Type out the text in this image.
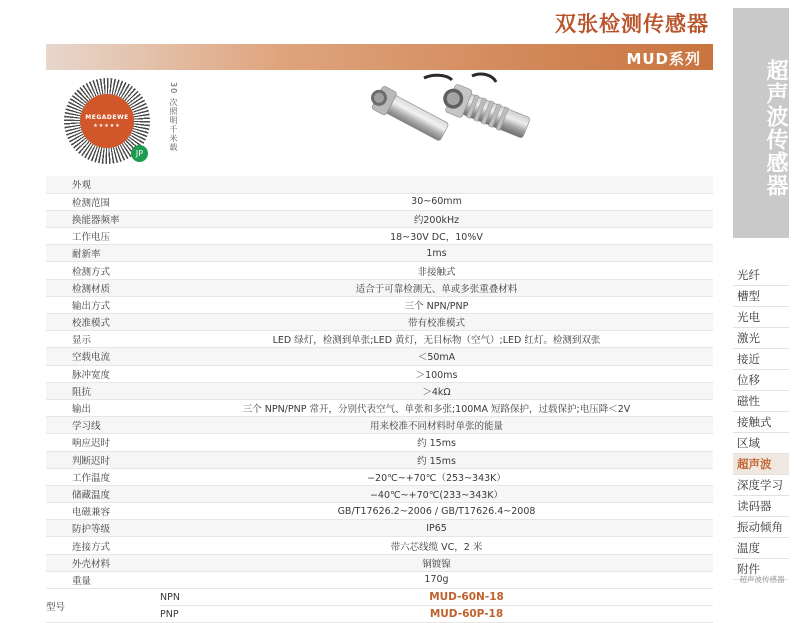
双张检测传感器
MUD系列
MEGADEWE
★★★★★
JP
30 次照明千米载
外观		
检测范围	30~60mm	
换能器频率	约200kHz	
工作电压	18~30V DC，10%V	
耐新率	1ms	
检测方式	非接触式	
检测材质	适合于可靠检测无、单或多张重叠材料	
输出方式	三个 NPN/PNP	
校准模式	带有校准模式	
显示	LED 绿灯，检测到单张;LED 黄灯，无目标物（空气）;LED 红灯。检测到双张	
空载电流	＜50mA	
脉冲宽度	＞100ms	
阻抗	＞4kΩ	
输出	三个 NPN/PNP 常开，分别代表空气、单张和多张;100MA 短路保护，过载保护;电压降＜2V	
学习线	用来校准不同材料时单张的能量	
响应迟时	约 15ms	
判断迟时	约 15ms	
工作温度	−20℃~+70℃（253~343K）	
储藏温度	−40℃~+70℃(233~343K）	
电磁兼容	GB/T17626.2~2006 / GB/T17626.4~2008	
防护等级	IP65	
连接方式	带六芯线缆 VC，2 米	
外壳材料	铜镀镍	
重量	170g	
型号	NPN	MUD-60N-18
	PNP	MUD-60P-18
超声波传感器
光纤
槽型
光电
激光
接近
位移
磁性
接触式
区域
超声波
深度学习
读码器
振动倾角
温度
附件
超声波传感器
